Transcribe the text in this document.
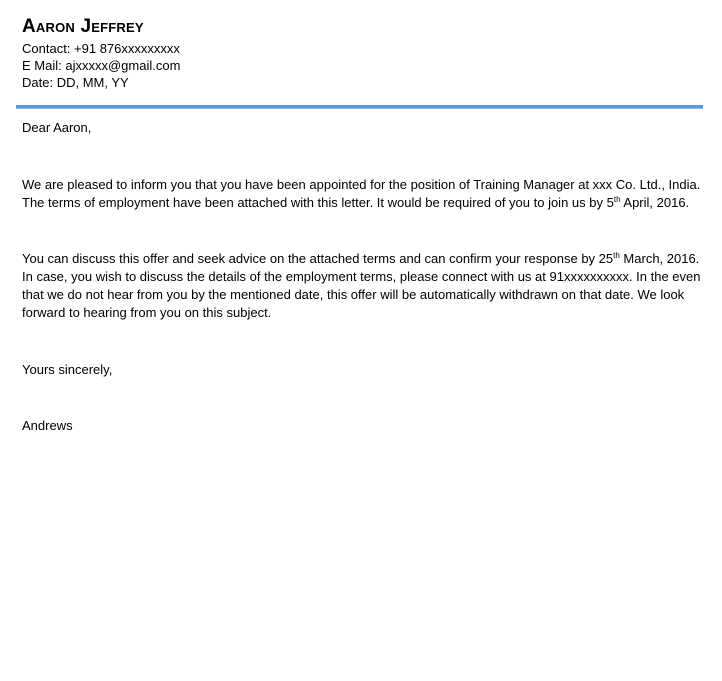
Aaron Jeffrey

Contact: +91 876xxxxxxxxx

E Mail: ajxxxxx@gmail.com

Date: DD, MM, YY

Dear Aaron,

We are pleased to inform you that you have been appointed for the position of Training Manager at xxx Co. Ltd., India. The terms of employment have been attached with this letter. It would be required of you to join us by 5th April, 2016.

You can discuss this offer and seek advice on the attached terms and can confirm your response by 25th March, 2016. In case, you wish to discuss the details of the employment terms, please connect with us at 91xxxxxxxxxx. In the even that we do not hear from you by the mentioned date, this offer will be automatically withdrawn on that date. We look forward to hearing from you on this subject.

Yours sincerely,

Andrews
